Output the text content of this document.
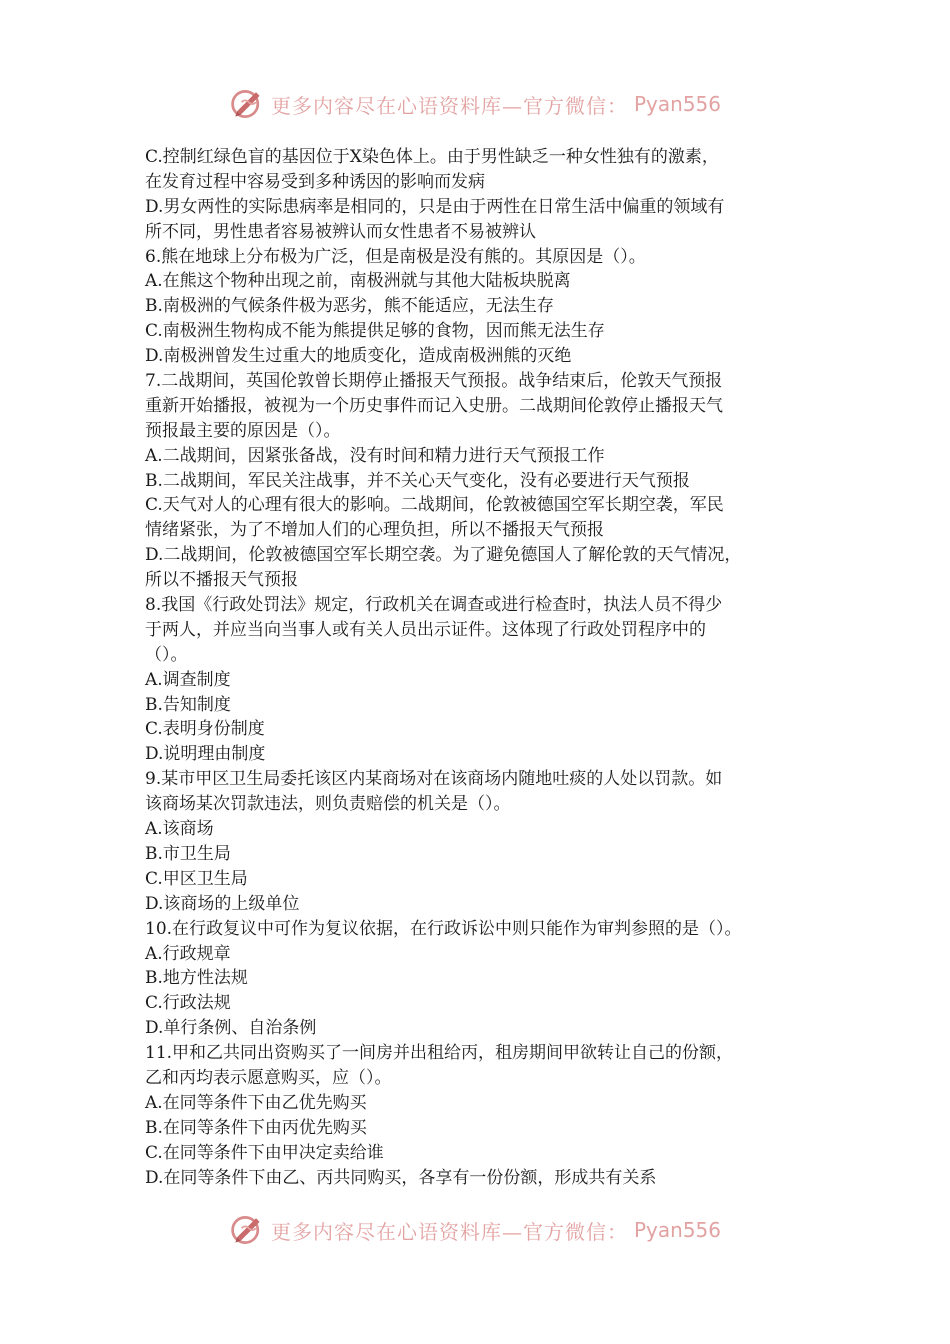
更多内容尽在心语资料库—官方微信： Pyan556
C.控制红绿色盲的基因位于X染色体上。由于男性缺乏一种女性独有的激素，
在发育过程中容易受到多种诱因的影响而发病
D.男女两性的实际患病率是相同的，只是由于两性在日常生活中偏重的领域有
所不同，男性患者容易被辨认而女性患者不易被辨认
6.熊在地球上分布极为广泛，但是南极是没有熊的。其原因是（）。
A.在熊这个物种出现之前，南极洲就与其他大陆板块脱离
B.南极洲的气候条件极为恶劣，熊不能适应，无法生存
C.南极洲生物构成不能为熊提供足够的食物，因而熊无法生存
D.南极洲曾发生过重大的地质变化，造成南极洲熊的灭绝
7.二战期间，英国伦敦曾长期停止播报天气预报。战争结束后，伦敦天气预报
重新开始播报，被视为一个历史事件而记入史册。二战期间伦敦停止播报天气
预报最主要的原因是（）。
A.二战期间，因紧张备战，没有时间和精力进行天气预报工作
B.二战期间，军民关注战事，并不关心天气变化，没有必要进行天气预报
C.天气对人的心理有很大的影响。二战期间，伦敦被德国空军长期空袭，军民
情绪紧张，为了不增加人们的心理负担，所以不播报天气预报
D.二战期间，伦敦被德国空军长期空袭。为了避免德国人了解伦敦的天气情况，
所以不播报天气预报
8.我国《行政处罚法》规定，行政机关在调查或进行检查时，执法人员不得少
于两人，并应当向当事人或有关人员出示证件。这体现了行政处罚程序中的
（）。
A.调查制度
B.告知制度
C.表明身份制度
D.说明理由制度
9.某市甲区卫生局委托该区内某商场对在该商场内随地吐痰的人处以罚款。如
该商场某次罚款违法，则负责赔偿的机关是（）。
A.该商场
B.市卫生局
C.甲区卫生局
D.该商场的上级单位
10.在行政复议中可作为复议依据，在行政诉讼中则只能作为审判参照的是（）。
A.行政规章
B.地方性法规
C.行政法规
D.单行条例、自治条例
11.甲和乙共同出资购买了一间房并出租给丙，租房期间甲欲转让自己的份额，
乙和丙均表示愿意购买，应（）。
A.在同等条件下由乙优先购买
B.在同等条件下由丙优先购买
C.在同等条件下由甲决定卖给谁
D.在同等条件下由乙、丙共同购买，各享有一份份额，形成共有关系
更多内容尽在心语资料库—官方微信： Pyan556
